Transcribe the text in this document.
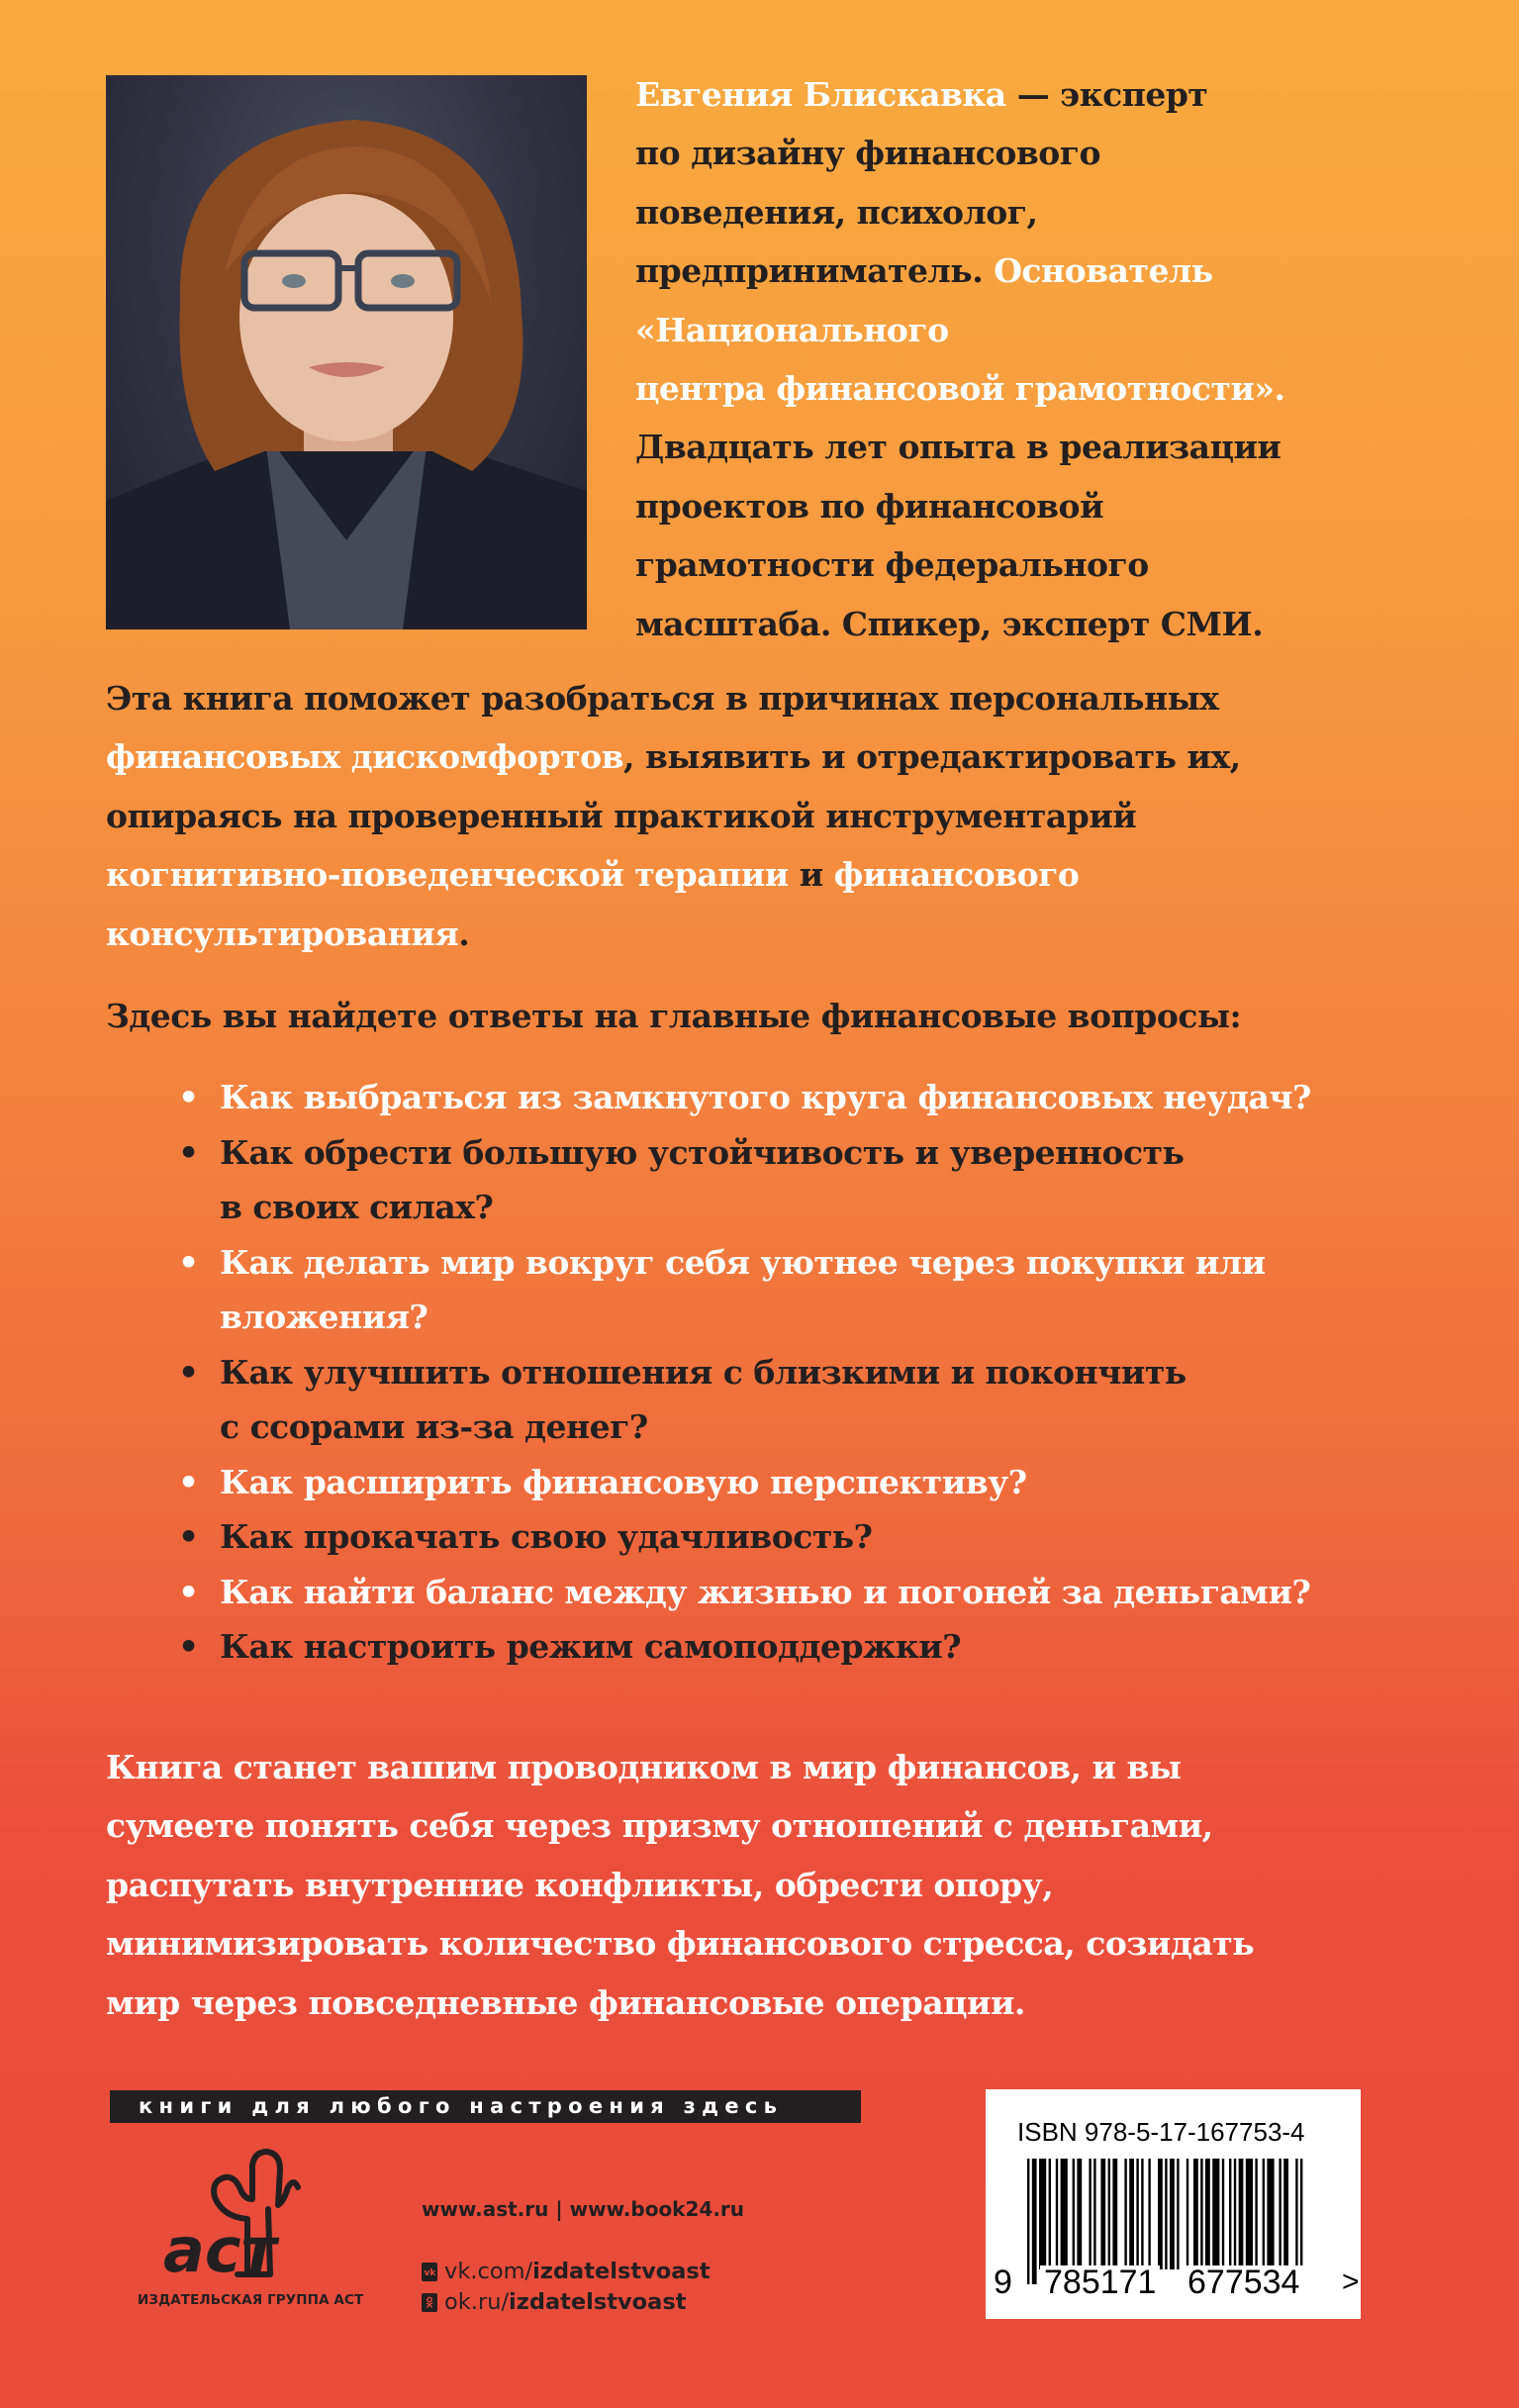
Евгения Блискавка — эксперт
по дизайну финансового
поведения, психолог,
предприниматель. Основатель
«Национального
центра финансовой грамотности».
Двадцать лет опыта в реализации
проектов по финансовой
грамотности федерального
масштаба. Спикер, эксперт СМИ.
Эта книга поможет разобраться в причинах персональных
финансовых дискомфортов, выявить и отредактировать их,
опираясь на проверенный практикой инструментарий
когнитивно-поведенческой терапии и финансового
консультирования.
Здесь вы найдете ответы на главные финансовые вопросы:
• Как выбраться из замкнутого круга финансовых неудач?
• Как обрести большую устойчивость и уверенность
в своих силах?
• Как делать мир вокруг себя уютнее через покупки или
вложения?
• Как улучшить отношения с близкими и покончить
с ссорами из-за денег?
• Как расширить финансовую перспективу?
• Как прокачать свою удачливость?
• Как найти баланс между жизнью и погоней за деньгами?
• Как настроить режим самоподдержки?
Книга станет вашим проводником в мир финансов, и вы
сумеете понять себя через призму отношений с деньгами,
распутать внутренние конфликты, обрести опору,
минимизировать количество финансового стресса, созидать
мир через повседневные финансовые операции.
книги для любого настроения здесь
аст
ИЗДАТЕЛЬСКАЯ ГРУППА АСТ
www.ast.ru | www.book24.ru
vk vk.com/ izdatelstvoast
ok.ru/ izdatelstvoast
ISBN 978-5-17-167753-4
9 785171 677534 >
